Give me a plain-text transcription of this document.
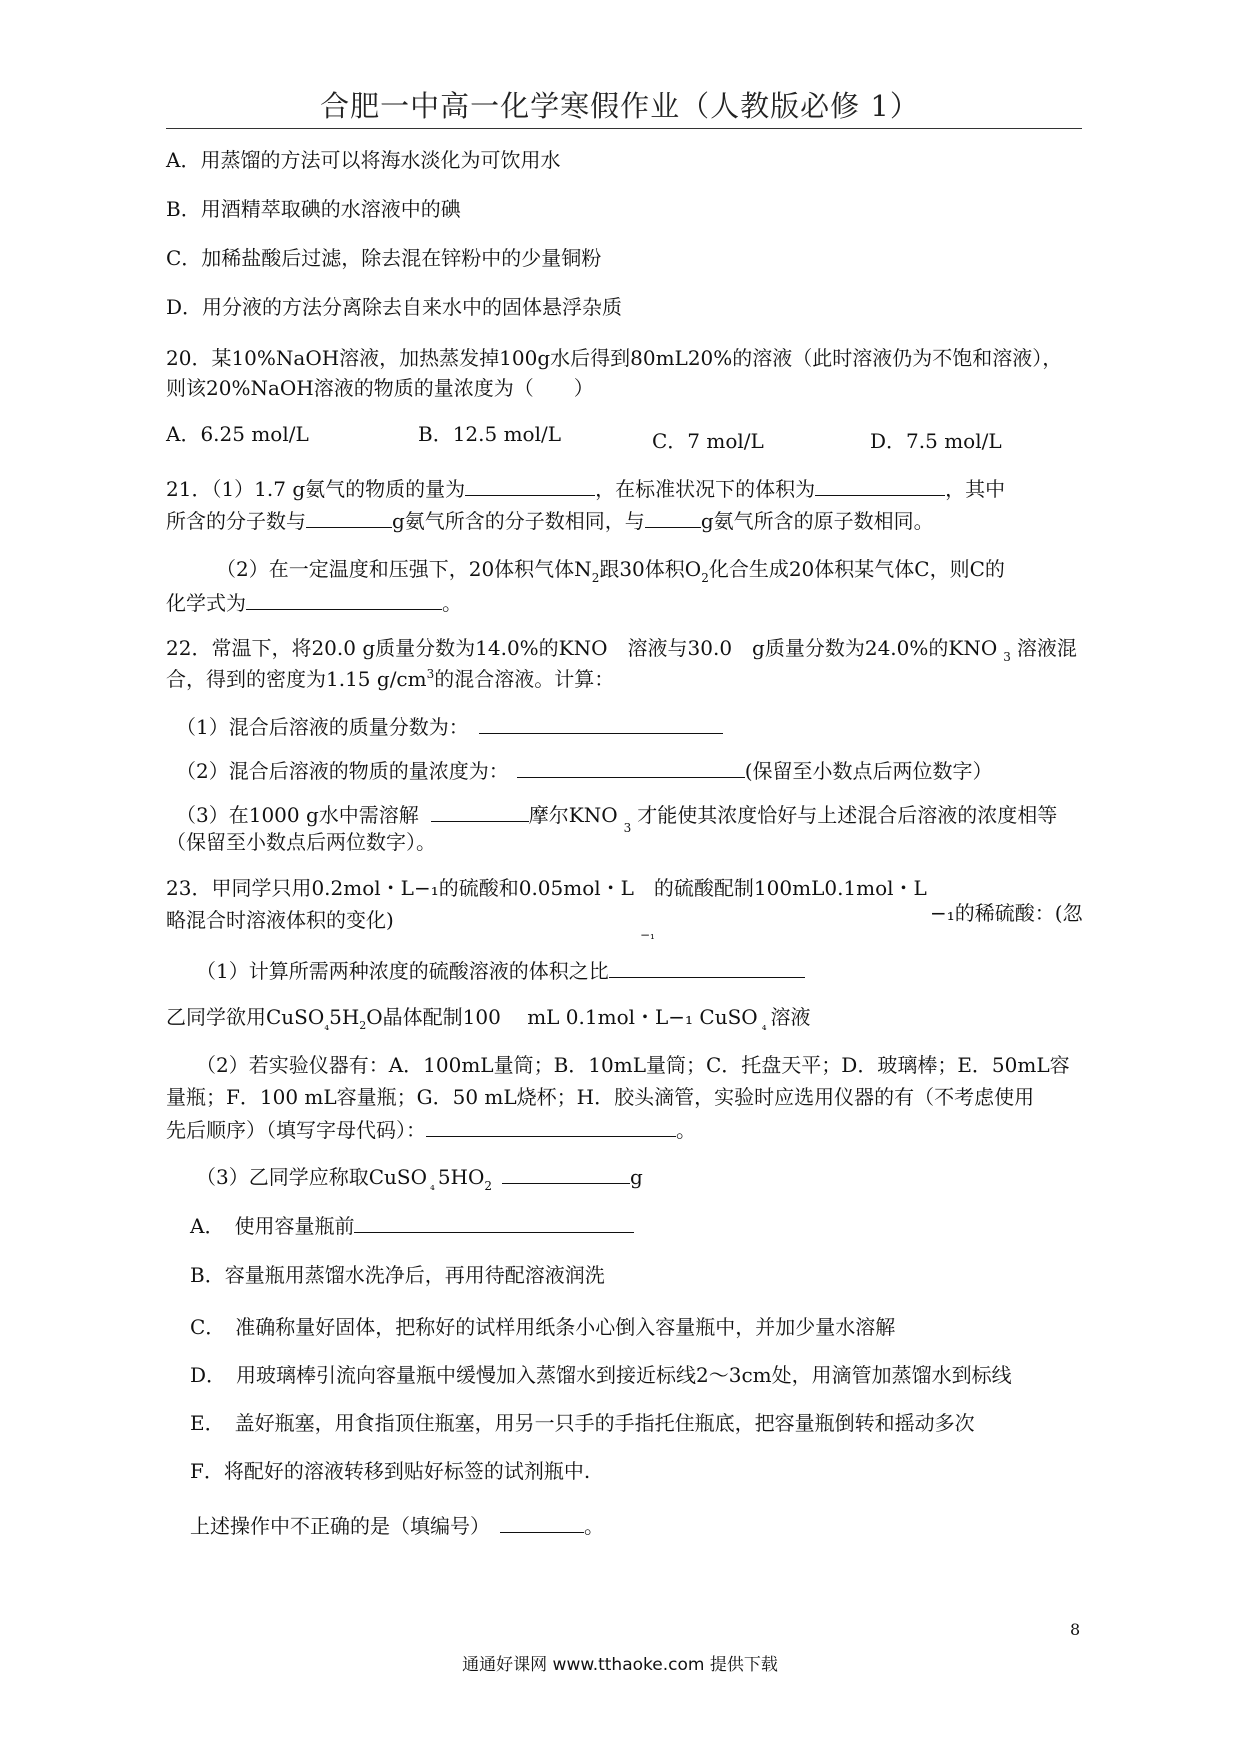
合肥一中高一化学寒假作业（人教版必修 1）
A．用蒸馏的方法可以将海水淡化为可饮用水
B．用酒精萃取碘的水溶液中的碘
C．加稀盐酸后过滤，除去混在锌粉中的少量铜粉
D．用分液的方法分离除去自来水中的固体悬浮杂质
20．某10%NaOH溶液，加热蒸发掉100g水后得到80mL20%的溶液（此时溶液仍为不饱和溶液），
则该20%NaOH溶液的物质的量浓度为（　　）
A．6.25 mol/L	B．12.5 mol/L	C．7 mol/L	D．7.5 mol/L
21．（1）1.7 g氨气的物质的量为	，在标准状况下的体积为	，其中
所含的分子数与	g氨气所含的分子数相同，与	g氨气所含的原子数相同。
（2）在一定温度和压强下，20体积气体$N_2$跟30体积$O_2$化合生成20体积某气体C，则C的
化学式为	。
22．常温下，将20.0 g质量分数为14.0%的KNO 溶液与30.0　g质量分数为24.0%的KNO $_3$ 溶液混
合，得到的密度为1.15 $g/cm^3$的混合溶液。计算：
（1）混合后溶液的质量分数为：
（2）混合后溶液的物质的量浓度为：	(保留至小数点后两位数字）
（3）在1000 g水中需溶解	摩尔$KNO_3$才能使其浓度恰好与上述混合后溶液的浓度相等
（保留至小数点后两位数字）。
23．甲同学只用0.2mol・L−₁的硫酸和0.05mol・L　的硫酸配制100mL0.1mol・L
略混合时溶液体积的变化)
−₁
−₁的稀硫酸：(忽
（1）计算所需两种浓度的硫酸溶液的体积之比
乙同学欲用$CuSO_{_4}5H_2O$晶体配制100　 mL 0.1mol・L−₁ CuSO $_{_4}$ 溶液
（2）若实验仪器有：A．100mL量筒；B．10mL量筒；C．托盘天平；D．玻璃棒；E．50mL容
量瓶；F．100 mL容量瓶；G．50 mL烧杯；H．胶头滴管，实验时应选用仪器的有（不考虑使用
先后顺序）（填写字母代码）：	。
（3）乙同学应称取CuSO $_{_4}$ $5HO_2$	g
A．　使用容量瓶前
B．容量瓶用蒸馏水洗净后，再用待配溶液润洗
C．　准确称量好固体，把称好的试样用纸条小心倒入容量瓶中，并加少量水溶解
D．　用玻璃棒引流向容量瓶中缓慢加入蒸馏水到接近标线2～3cm处，用滴管加蒸馏水到标线
E．　盖好瓶塞，用食指顶住瓶塞，用另一只手的手指托住瓶底，把容量瓶倒转和摇动多次
F．将配好的溶液转移到贴好标签的试剂瓶中.
上述操作中不正确的是（填编号）	。
8
通通好课网 www.tthaoke.com 提供下载
